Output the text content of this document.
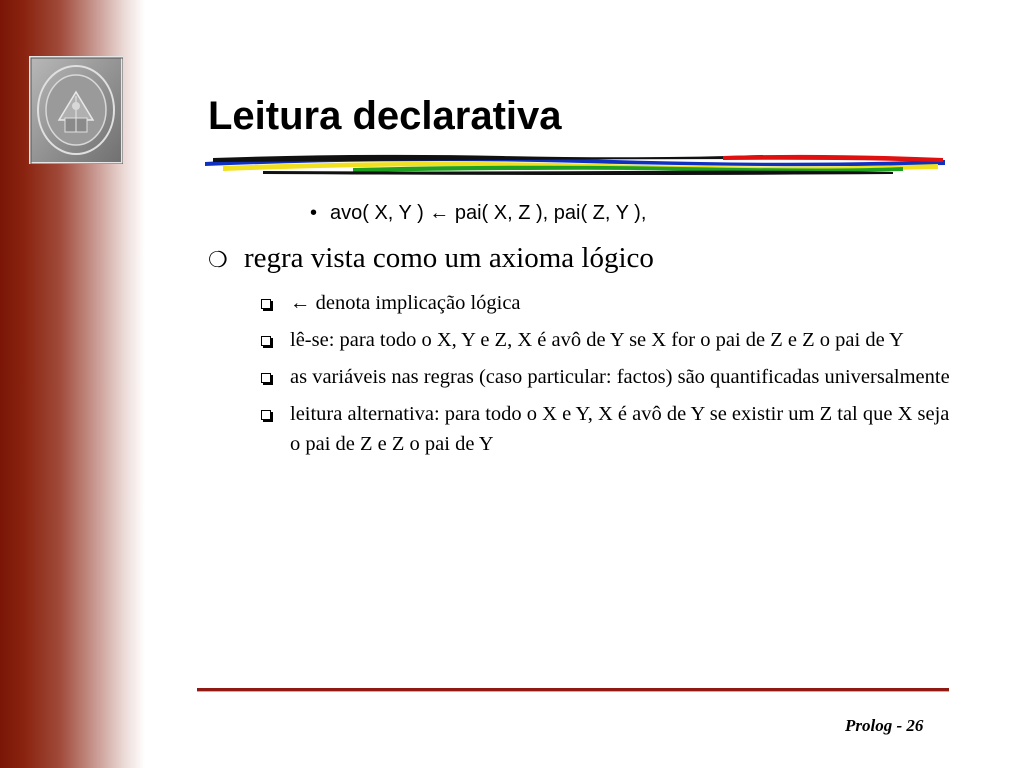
Leitura declarativa
• avo( X, Y ) ← pai( X, Z ), pai( Z, Y ),
❍ regra vista como um axioma lógico
← denota implicação lógica
lê-se: para todo o X, Y e Z, X é avô de Y se X for o pai de Z e Z o pai de Y
as variáveis nas regras (caso particular: factos) são quantificadas universalmente
leitura alternativa: para todo o X e Y, X é avô de Y se existir um Z tal que X seja o pai de Z e Z o pai de Y
Prolog - 26
